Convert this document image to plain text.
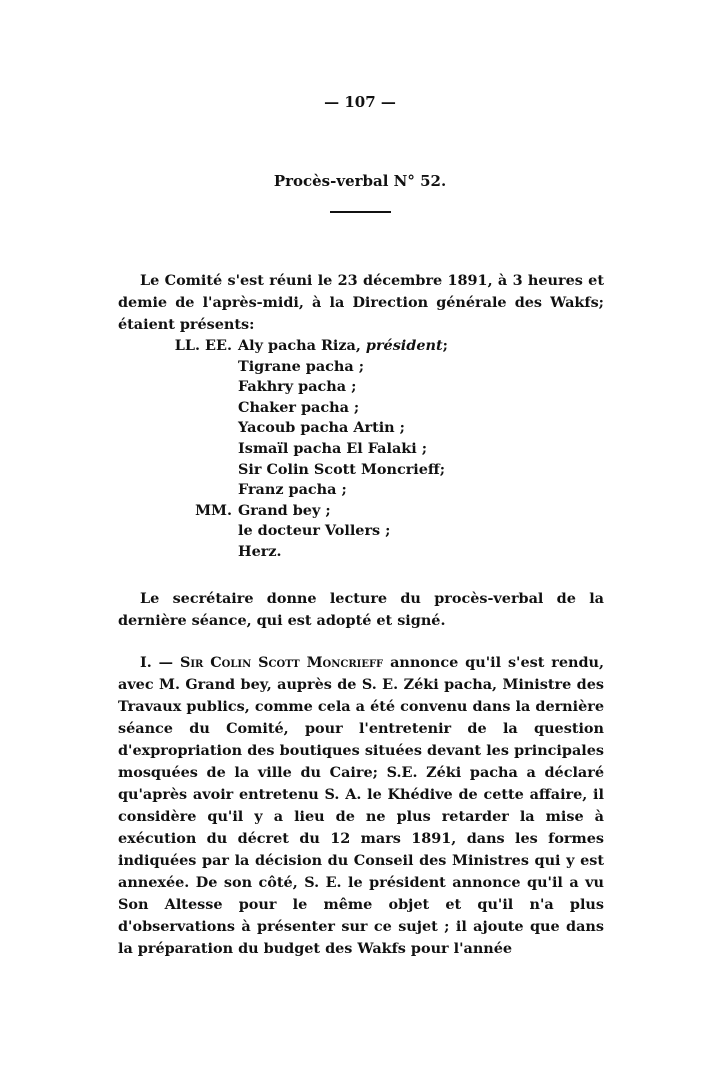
— 107 —
Procès-verbal N° 52.
Le Comité s'est réuni le 23 décembre 1891, à 3 heures et demie de l'après-midi, à la Direction générale des Wakfs; étaient présents:
LL. EE. Aly pacha Riza, président;
Tigrane pacha ;
Fakhry pacha ;
Chaker pacha ;
Yacoub pacha Artin ;
Ismaïl pacha El Falaki ;
Sir Colin Scott Moncrieff;
Franz pacha ;
MM. Grand bey ;
le docteur Vollers ;
Herz.
Le secrétaire donne lecture du procès-verbal de la dernière séance, qui est adopté et signé.
I. — Sir Colin Scott Moncrieff annonce qu'il s'est rendu, avec M. Grand bey, auprès de S. E. Zéki pacha, Ministre des Travaux publics, comme cela a été convenu dans la dernière séance du Comité, pour l'entretenir de la question d'expropriation des boutiques situées devant les principales mosquées de la ville du Caire; S.E. Zéki pacha a déclaré qu'après avoir entretenu S. A. le Khédive de cette affaire, il considère qu'il y a lieu de ne plus retarder la mise à exécution du décret du 12 mars 1891, dans les formes indiquées par la décision du Conseil des Ministres qui y est annexée. De son côté, S. E. le président annonce qu'il a vu Son Altesse pour le même objet et qu'il n'a plus d'observations à présenter sur ce sujet ; il ajoute que dans la préparation du budget des Wakfs pour l'année
